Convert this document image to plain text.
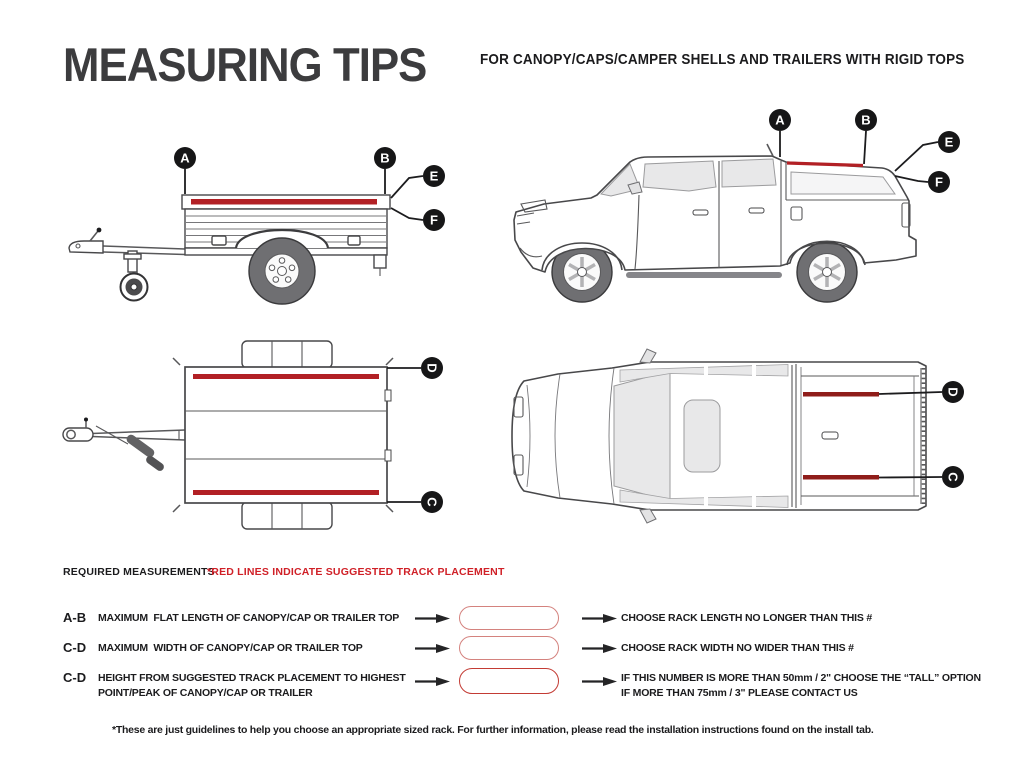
MEASURING TIPS	FOR CANOPY/CAPS/CAMPER SHELLS AND TRAILERS WITH RIGID TOPS
A	B
E
F
A	B
E
F
D
C
D
C
REQUIRED MEASUREMENTS
*RED LINES INDICATE SUGGESTED TRACK PLACEMENT
A-B MAXIMUM  FLAT LENGTH OF CANOPY/CAP OR TRAILER TOP	CHOOSE RACK LENGTH NO LONGER THAN THIS #
C-D MAXIMUM  WIDTH OF CANOPY/CAP OR TRAILER TOP	CHOOSE RACK WIDTH NO WIDER THAN THIS #
C-D HEIGHT FROM SUGGESTED TRACK PLACEMENT TO HIGHEST
POINT/PEAK OF CANOPY/CAP OR TRAILER
IF THIS NUMBER IS MORE THAN 50mm / 2" CHOOSE THE “TALL” OPTION
IF MORE THAN 75mm / 3" PLEASE CONTACT US
*These are just guidelines to help you choose an appropriate sized rack. For further information, please read the installation instructions found on the install tab.
